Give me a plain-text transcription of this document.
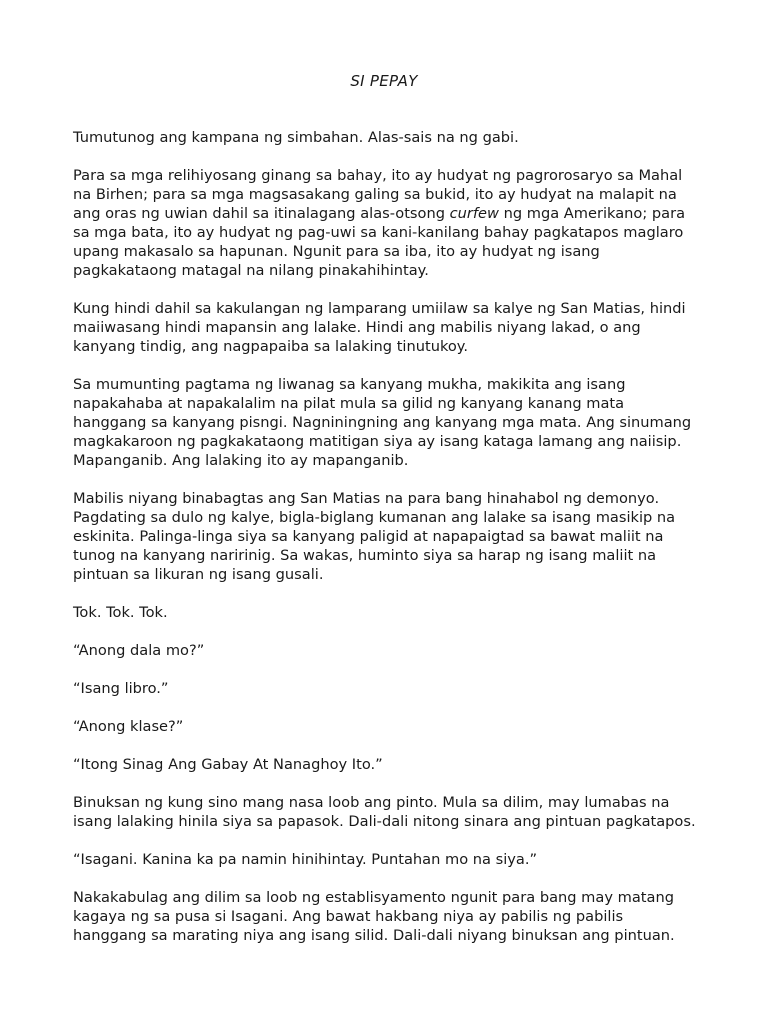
SI PEPAY

Tumutunog ang kampana ng simbahan. Alas-sais na ng gabi.

Para sa mga relihiyosang ginang sa bahay, ito ay hudyat ng pagrorosaryo sa Mahal na Birhen; para sa mga magsasakang galing sa bukid, ito ay hudyat na malapit na ang oras ng uwian dahil sa itinalagang alas-otsong curfew ng mga Amerikano; para sa mga bata, ito ay hudyat ng pag-uwi sa kani-kanilang bahay pagkatapos maglaro upang makasalo sa hapunan. Ngunit para sa iba, ito ay hudyat ng isang pagkakataong matagal na nilang pinakahihintay.

Kung hindi dahil sa kakulangan ng lamparang umiilaw sa kalye ng San Matias, hindi maiiwasang hindi mapansin ang lalake. Hindi ang mabilis niyang lakad, o ang kanyang tindig, ang nagpapaiba sa lalaking tinutukoy.

Sa mumunting pagtama ng liwanag sa kanyang mukha, makikita ang isang napakahaba at napakalalim na pilat mula sa gilid ng kanyang kanang mata hanggang sa kanyang pisngi. Nagniningning ang kanyang mga mata. Ang sinumang magkakaroon ng pagkakataong matitigan siya ay isang kataga lamang ang naiisip. Mapanganib. Ang lalaking ito ay mapanganib.

Mabilis niyang binabagtas ang San Matias na para bang hinahabol ng demonyo. Pagdating sa dulo ng kalye, bigla-biglang kumanan ang lalake sa isang masikip na eskinita. Palinga-linga siya sa kanyang paligid at napapaigtad sa bawat maliit na tunog na kanyang naririnig. Sa wakas, huminto siya sa harap ng isang maliit na pintuan sa likuran ng isang gusali.

Tok. Tok. Tok.

“Anong dala mo?”

“Isang libro.”

“Anong klase?”

“Itong Sinag Ang Gabay At Nanaghoy Ito.”

Binuksan ng kung sino mang nasa loob ang pinto. Mula sa dilim, may lumabas na isang lalaking hinila siya sa papasok. Dali-dali nitong sinara ang pintuan pagkatapos.

“Isagani. Kanina ka pa namin hinihintay. Puntahan mo na siya.”

Nakakabulag ang dilim sa loob ng establisyamento ngunit para bang may matang kagaya ng sa pusa si Isagani. Ang bawat hakbang niya ay pabilis ng pabilis hanggang sa marating niya ang isang silid. Dali-dali niyang binuksan ang pintuan.
